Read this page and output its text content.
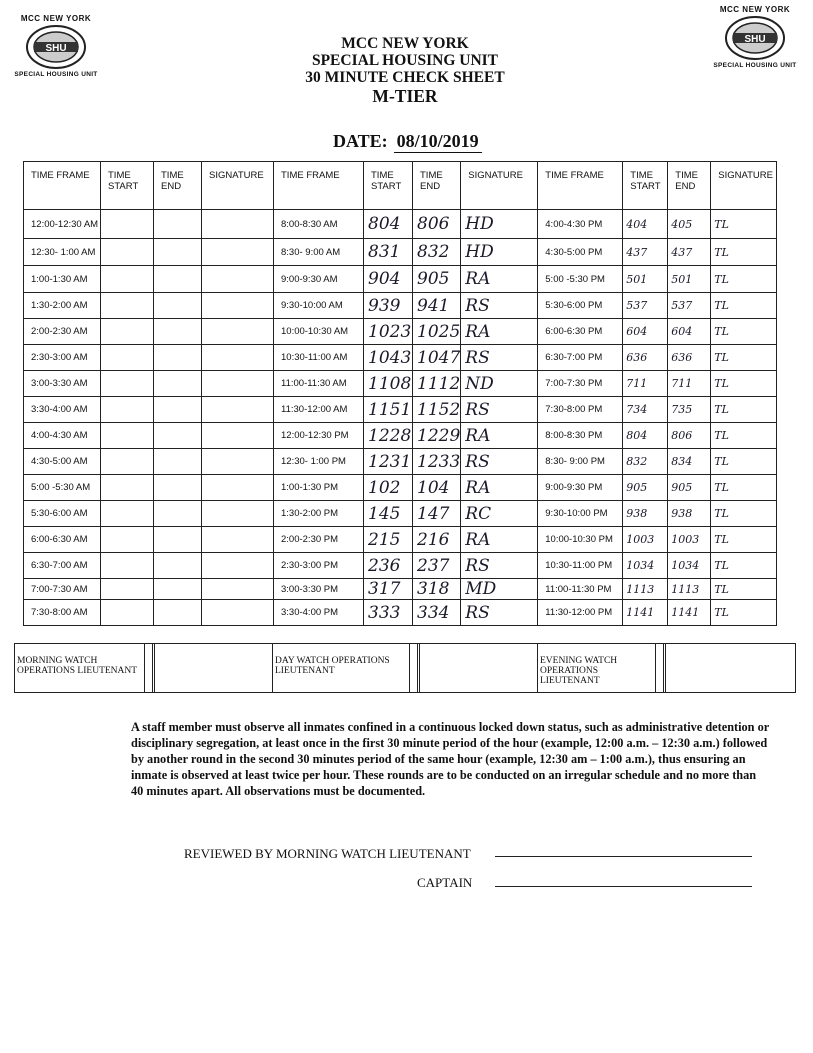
MCC NEW YORK
SHU
SPECIAL HOUSING UNIT
MCC NEW YORK
SHU
SPECIAL HOUSING UNIT
MCC NEW YORK
SPECIAL HOUSING UNIT
30 MINUTE CHECK SHEET
M-TIER
DATE: 08/10/2019
TIME FRAME	TIME START	TIME END	SIGNATURE	TIME FRAME	TIME START	TIME END	SIGNATURE	TIME FRAME	TIME START	TIME END	SIGNATURE
12:00-12:30 AM				8:00-8:30 AM	804	806	HD	4:00-4:30 PM	404	405	TL
12:30- 1:00 AM				8:30- 9:00 AM	831	832	HD	4:30-5:00 PM	437	437	TL
1:00-1:30 AM				9:00-9:30 AM	904	905	RA	5:00 -5:30 PM	501	501	TL
1:30-2:00 AM				9:30-10:00 AM	939	941	RS	5:30-6:00 PM	537	537	TL
2:00-2:30 AM				10:00-10:30 AM	1023	1025	RA	6:00-6:30 PM	604	604	TL
2:30-3:00 AM				10:30-11:00 AM	1043	1047	RS	6:30-7:00 PM	636	636	TL
3:00-3:30 AM				11:00-11:30 AM	1108	1112	ND	7:00-7:30 PM	711	711	TL
3:30-4:00 AM				11:30-12:00 AM	1151	1152	RS	7:30-8:00 PM	734	735	TL
4:00-4:30 AM				12:00-12:30 PM	1228	1229	RA	8:00-8:30 PM	804	806	TL
4:30-5:00 AM				12:30- 1:00 PM	1231	1233	RS	8:30- 9:00 PM	832	834	TL
5:00 -5:30 AM				1:00-1:30 PM	102	104	RA	9:00-9:30 PM	905	905	TL
5:30-6:00 AM				1:30-2:00 PM	145	147	RC	9:30-10:00 PM	938	938	TL
6:00-6:30 AM				2:00-2:30 PM	215	216	RA	10:00-10:30 PM	1003	1003	TL
6:30-7:00 AM				2:30-3:00 PM	236	237	RS	10:30-11:00 PM	1034	1034	TL
7:00-7:30 AM				3:00-3:30 PM	317	318	MD	11:00-11:30 PM	1113	1113	TL
7:30-8:00 AM				3:30-4:00 PM	333	334	RS	11:30-12:00 PM	1141	1141	TL
MORNING WATCH OPERATIONS LIEUTENANT
DAY WATCH OPERATIONS LIEUTENANT
EVENING WATCH OPERATIONS LIEUTENANT
A staff member must observe all inmates confined in a continuous locked down status, such as administrative detention or disciplinary segregation, at least once in the first 30 minute period of the hour (example, 12:00 a.m. – 12:30 a.m.) followed by another round in the second 30 minutes period of the same hour (example, 12:30 am – 1:00 a.m.), thus ensuring an inmate is observed at least twice per hour. These rounds are to be conducted on an irregular schedule and no more than 40 minutes apart. All observations must be documented.
REVIEWED BY MORNING WATCH LIEUTENANT
CAPTAIN
